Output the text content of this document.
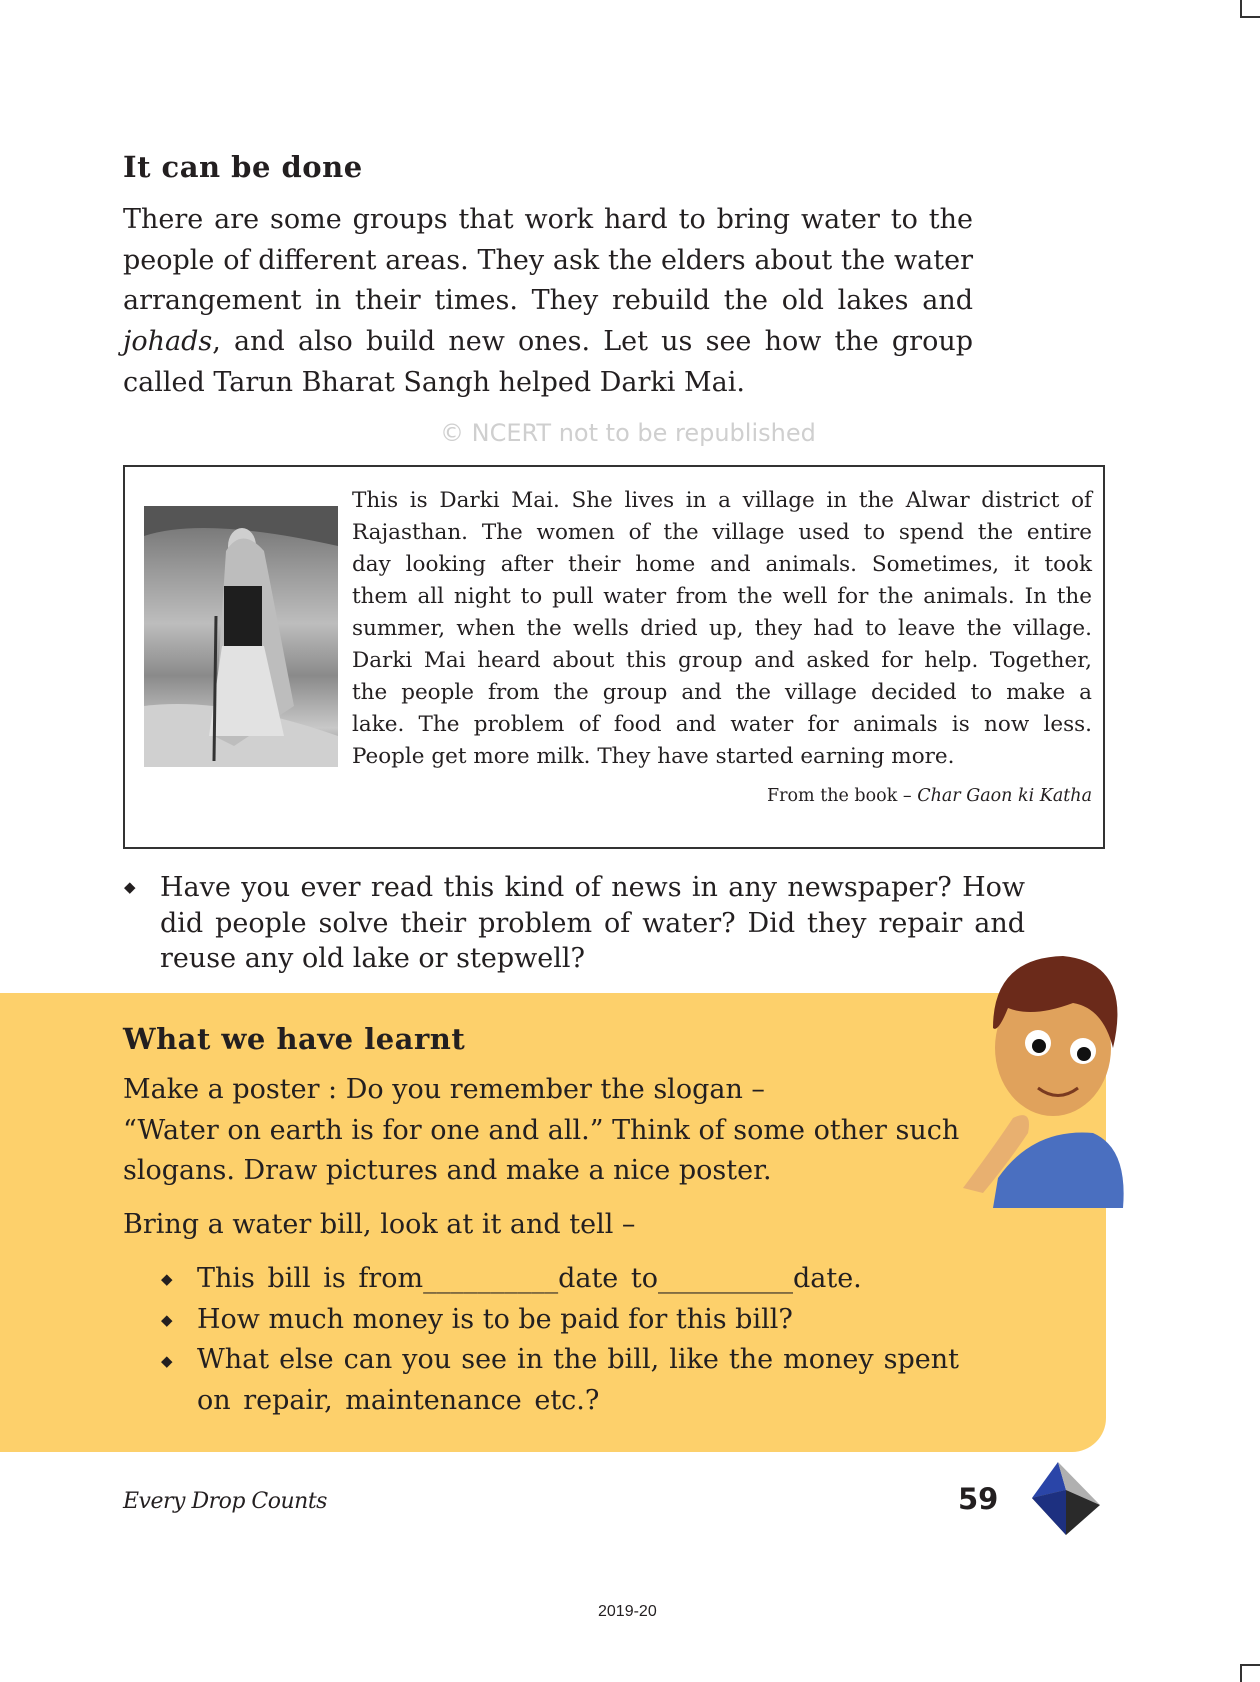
It can be done
There are some groups that work hard to bring water to the
people of different areas. They ask the elders about the water
arrangement in their times. They rebuild the old lakes and
johads, and also build new ones. Let us see how the group
called Tarun Bharat Sangh helped Darki Mai.
© NCERT not to be republished
This is Darki Mai. She lives in a village in the Alwar district of
Rajasthan. The women of the village used to spend the entire
day looking after their home and animals. Sometimes, it took
them all night to pull water from the well for the animals. In the
summer, when the wells dried up, they had to leave the village.
Darki Mai heard about this group and asked for help. Together,
the people from the group and the village decided to make a
lake. The problem of food and water for animals is now less.
People get more milk. They have started earning more.
From the book – Char Gaon ki Katha
◆ Have you ever read this kind of news in any newspaper? How
did people solve their problem of water? Did they repair and
reuse any old lake or stepwell?
What we have learnt
Make a poster : Do you remember the slogan –
“Water on earth is for one and all.” Think of some other such
slogans. Draw pictures and make a nice poster.
Bring a water bill, look at it and tell –
◆
◆
◆
This bill is from__________date to__________date.
How much money is to be paid for this bill?
What else can you see in the bill, like the money spent
on repair, maintenance etc.?
Every Drop Counts	59
2019-20
